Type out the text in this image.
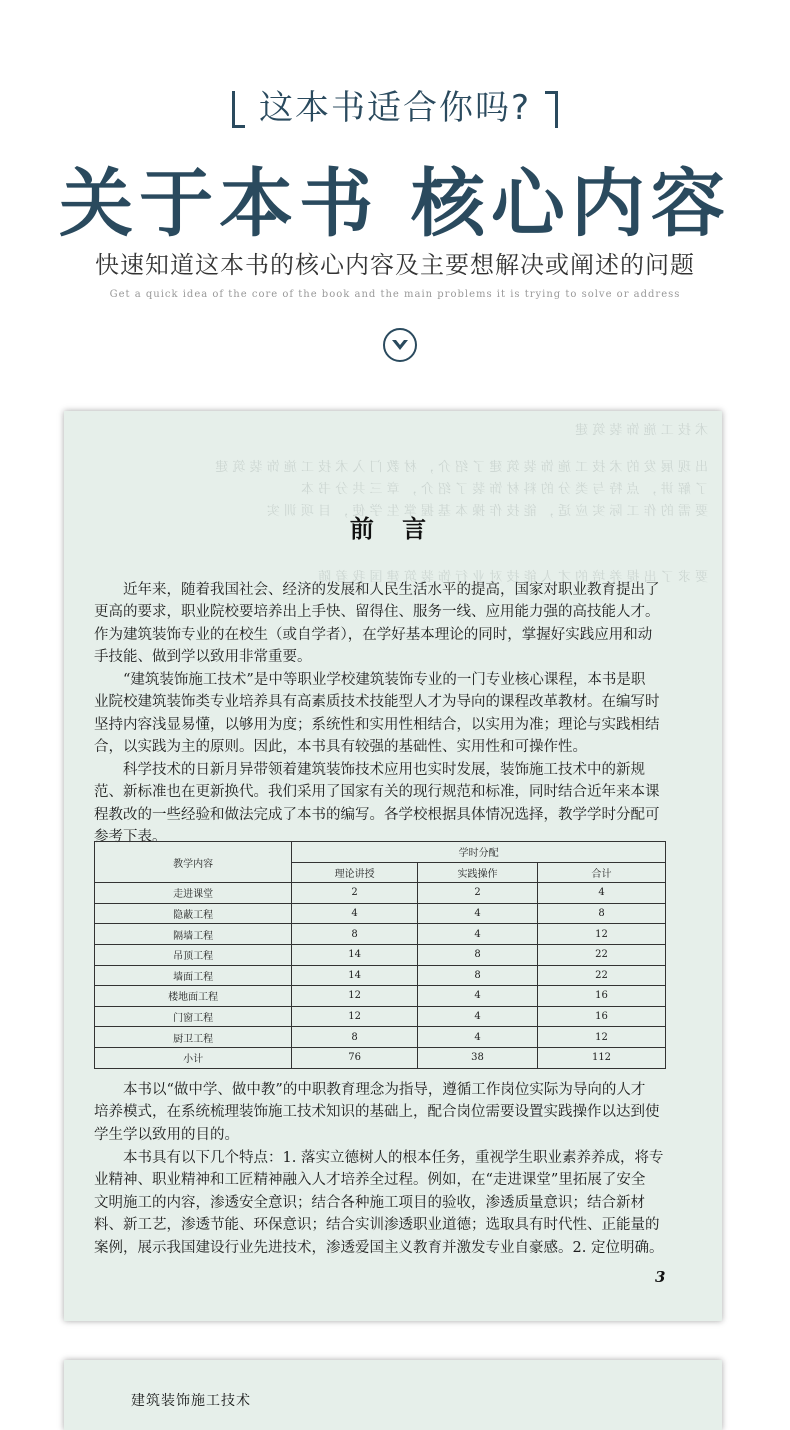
这本书适合你吗?
关于本书 核心内容
快速知道这本书的核心内容及主要想解决或阐述的问题
Get a quick idea of the core of the book and the main problems it is trying to solve or address
术 技 工 施 饰 装 筑 建
出 现 展 发 的 术 技 工 施 饰 装 筑 建 了 绍 介 ， 材 教 门 入 术 技 工 施 饰 装 筑 建
了 解 讲 ， 点 特 与 类 分 的 料 材 饰 装 了 绍 介 ， 章 三 共 分 书 本
要 需 的 作 工 际 实 应 适 ， 能 技 作 操 本 基 握 掌 生 学 使 ， 目 项 训 实
要 求 了 出 提 养 培 的 才 人 能 技 对 业 行 饰 装 筑 建 国 我 着 随
前 言
近年来，随着我国社会、经济的发展和人民生活水平的提高，国家对职业教育提出了
更高的要求，职业院校要培养出上手快、留得住、服务一线、应用能力强的高技能人才。
作为建筑装饰专业的在校生（或自学者），在学好基本理论的同时，掌握好实践应用和动
手技能、做到学以致用非常重要。
“建筑装饰施工技术”是中等职业学校建筑装饰专业的一门专业核心课程，本书是职
业院校建筑装饰类专业培养具有高素质技术技能型人才为导向的课程改革教材。在编写时
坚持内容浅显易懂，以够用为度；系统性和实用性相结合，以实用为准；理论与实践相结
合，以实践为主的原则。因此，本书具有较强的基础性、实用性和可操作性。
科学技术的日新月异带领着建筑装饰技术应用也实时发展，装饰施工技术中的新规
范、新标准也在更新换代。我们采用了国家有关的现行规范和标准，同时结合近年来本课
程教改的一些经验和做法完成了本书的编写。各学校根据具体情况选择，教学学时分配可
参考下表。
教学内容	学时分配		
	理论讲授	实践操作	合计
走进课堂	2	2	4
隐蔽工程	4	4	8
隔墙工程	8	4	12
吊顶工程	14	8	22
墙面工程	14	8	22
楼地面工程	12	4	16
门窗工程	12	4	16
厨卫工程	8	4	12
小计	76	38	112
本书以“做中学、做中教”的中职教育理念为指导，遵循工作岗位实际为导向的人才
培养模式，在系统梳理装饰施工技术知识的基础上，配合岗位需要设置实践操作以达到使
学生学以致用的目的。
本书具有以下几个特点：1. 落实立德树人的根本任务，重视学生职业素养养成，将专
业精神、职业精神和工匠精神融入人才培养全过程。例如，在“走进课堂”里拓展了安全
文明施工的内容，渗透安全意识；结合各种施工项目的验收，渗透质量意识；结合新材
料、新工艺，渗透节能、环保意识；结合实训渗透职业道德；选取具有时代性、正能量的
案例，展示我国建设行业先进技术，渗透爱国主义教育并激发专业自豪感。2. 定位明确。
3
建筑装饰施工技术
